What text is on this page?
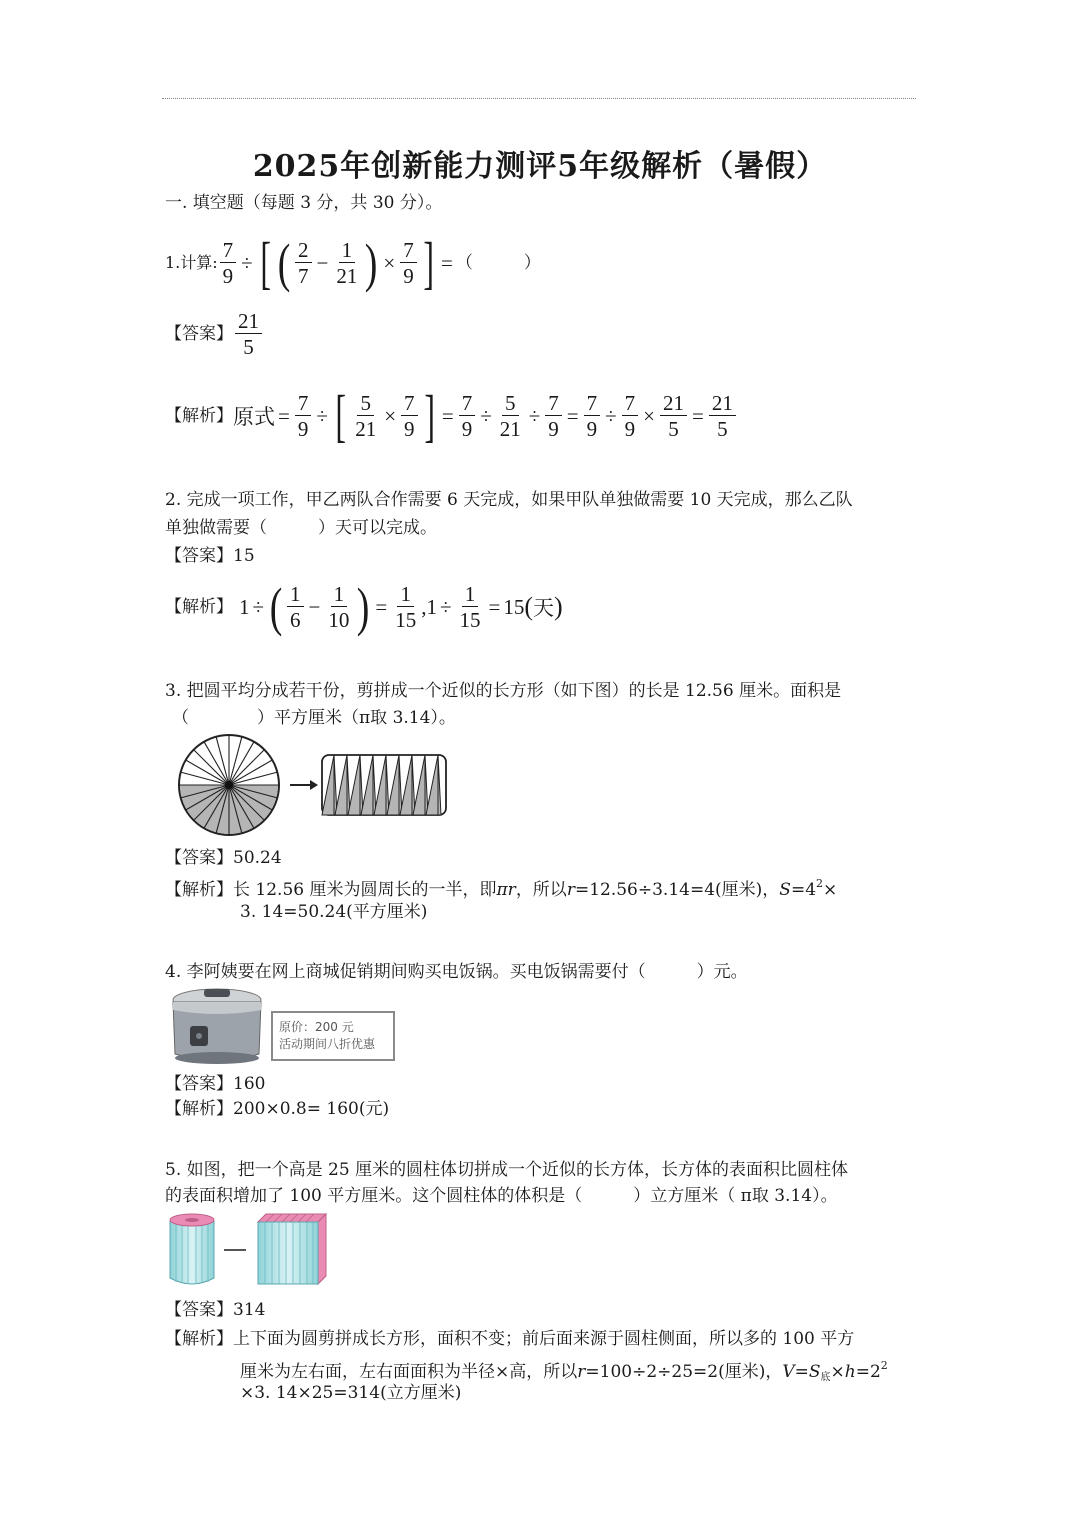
2025年创新能力测评5年级解析（暑假）
一. 填空题（每题 3 分，共 30 分）。
1.计算: $\frac{7}{9}$ ÷ [ ( $\frac{2}{7} - \frac{1}{21}$ ) × $\frac{7}{9}$ ] = （　　　）
【答案】 $\frac{21}{5}$
【解析】 原式 = $\frac{7}{9}$ ÷ [ $\frac{5}{21} \times \frac{7}{9}$ ] = $\frac{7}{9} \div \frac{5}{21} \div \frac{7}{9} = \frac{7}{9} \div \frac{7}{9} \times \frac{21}{5} = \frac{21}{5}$
2. 完成一项工作，甲乙两队合作需要 6 天完成，如果甲队单独做需要 10 天完成，那么乙队
单独做需要（　　　）天可以完成。
【答案】15
【解析】 1 ÷ ( $\frac{1}{6} - \frac{1}{10}$ ) = $\frac{1}{15}$ , $1 \div \frac{1}{15} = 15$ ( 天 )
3. 把圆平均分成若干份，剪拼成一个近似的长方形（如下图）的长是 12.56 厘米。面积是
（　　　　）平方厘米（π取 3.14）。
【答案】50.24
【解析】长 12.56 厘米为圆周长的一半，即πr，所以r=12.56÷3.14=4(厘米)，$S=4^2\times$
3. 14=50.24(平方厘米)
4. 李阿姨要在网上商城促销期间购买电饭锅。买电饭锅需要付（　　　）元。
原价：200 元
活动期间八折优惠
【答案】160
【解析】200×0.8= 160(元)
5. 如图，把一个高是 25 厘米的圆柱体切拼成一个近似的长方体，长方体的表面积比圆柱体
的表面积增加了 100 平方厘米。这个圆柱体的体积是（　　　）立方厘米（ π取 3.14）。
【答案】314
【解析】上下面为圆剪拼成长方形，面积不变；前后面来源于圆柱侧面，所以多的 100 平方
厘米为左右面，左右面面积为半径×高，所以r=100÷2÷25=2(厘米)，$V=S_底\times h=2^2$
×3. 14×25=314(立方厘米)
